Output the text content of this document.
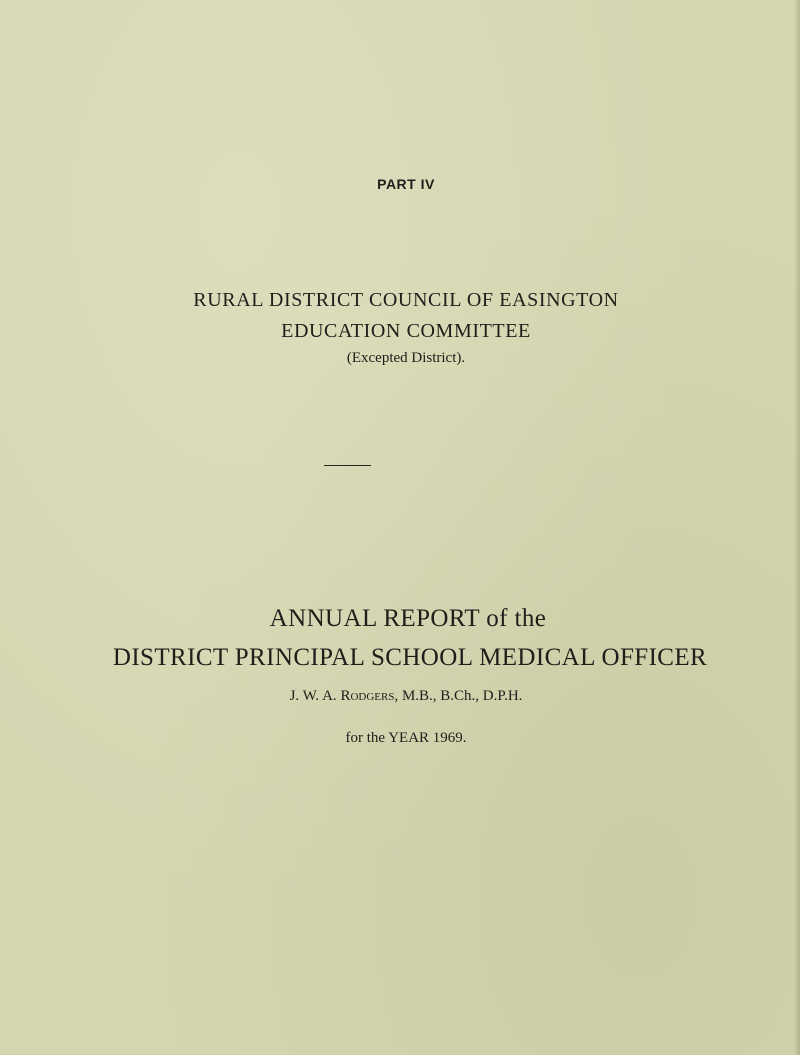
PART IV

RURAL DISTRICT COUNCIL OF EASINGTON

EDUCATION COMMITTEE

(Excepted District).

ANNUAL REPORT of the

DISTRICT PRINCIPAL SCHOOL MEDICAL OFFICER

J. W. A. Rodgers, M.B., B.Ch., D.P.H.

for the YEAR 1969.
